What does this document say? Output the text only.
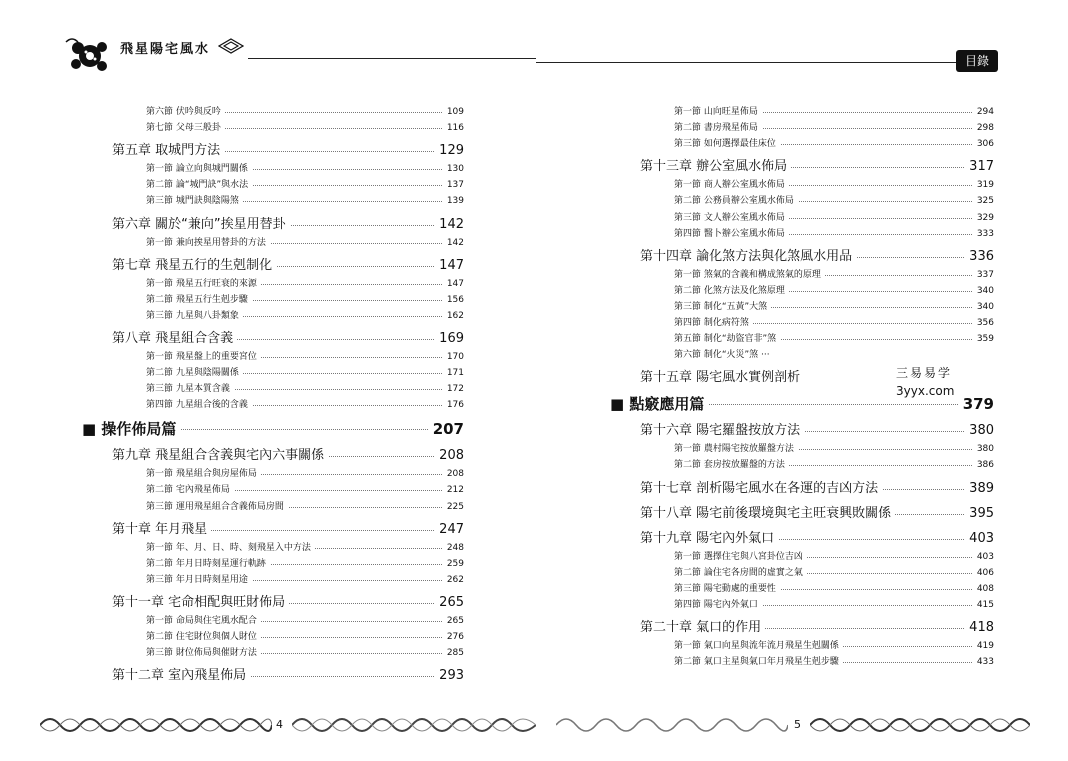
飛星陽宅風水
目錄
第六節 伏吟與反吟	109
第七節 父母三般卦	116
第五章 取城門方法	129
第一節 論立向與城門關係	130
第二節 論“城門訣”與水法	137
第三節 城門訣與陰陽煞	139
第六章 關於“兼向”挨星用替卦	142
第一節 兼向挨星用替卦的方法	142
第七章 飛星五行的生剋制化	147
第一節 飛星五行旺衰的來源	147
第二節 飛星五行生剋步驟	156
第三節 九星與八卦類象	162
第八章 飛星組合含義	169
第一節 飛星盤上的重要宮位	170
第二節 九星與陰陽關係	171
第三節 九星本質含義	172
第四節 九星組合後的含義	176
■ 操作佈局篇	207
第九章 飛星組合含義與宅內六事關係	208
第一節 飛星組合與房屋佈局	208
第二節 宅內飛星佈局	212
第三節 運用飛星組合含義佈局房間	225
第十章 年月飛星	247
第一節 年、月、日、時、刻飛星入中方法	248
第二節 年月日時刻星運行軌跡	259
第三節 年月日時刻星用途	262
第十一章 宅命相配與旺財佈局	265
第一節 命局與住宅風水配合	265
第二節 住宅財位與個人財位	276
第三節 財位佈局與催財方法	285
第十二章 室內飛星佈局	293
第一節 山向旺星佈局	294
第二節 書房飛星佈局	298
第三節 如何選擇最佳床位	306
第十三章 辦公室風水佈局	317
第一節 商人辦公室風水佈局	319
第二節 公務員辦公室風水佈局	325
第三節 文人辦公室風水佈局	329
第四節 醫卜辦公室風水佈局	333
第十四章 論化煞方法與化煞風水用品	336
第一節 煞氣的含義和構成煞氣的原理	337
第二節 化煞方法及化煞原理	340
第三節 制化“五黃”大煞	340
第四節 制化病符煞	356
第五節 制化“劫盜官非”煞	359
第六節 制化“火災”煞 ···
第十五章 陽宅風水實例剖析
■ 點竅應用篇	379
第十六章 陽宅羅盤按放方法	380
第一節 農村陽宅按放羅盤方法	380
第二節 套房按放羅盤的方法	386
第十七章 剖析陽宅風水在各運的吉凶方法	389
第十八章 陽宅前後環境與宅主旺衰興敗關係	395
第十九章 陽宅內外氣口	403
第一節 選擇住宅與八宮卦位吉凶	403
第二節 論住宅各房間的虛實之氣	406
第三節 陽宅動處的重要性	408
第四節 陽宅內外氣口	415
第二十章 氣口的作用	418
第一節 氣口向星與流年流月飛星生剋關係	419
第二節 氣口主星與氣口年月飛星生剋步驟	433
三易易学
3yyx.com
4	5
